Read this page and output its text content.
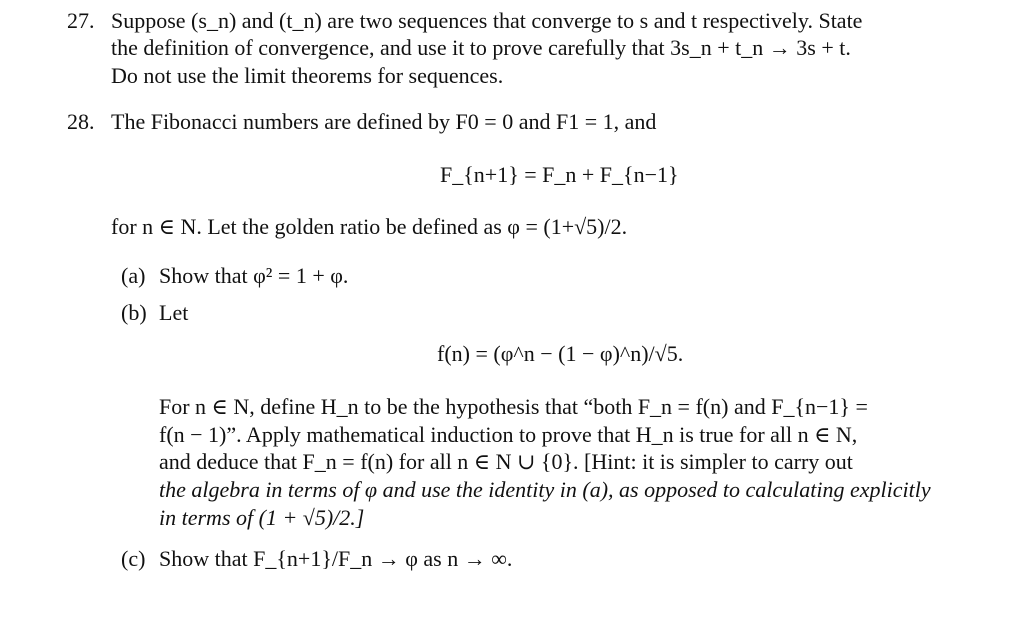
27. Suppose (s_n) and (t_n) are two sequences that converge to s and t respectively. State
the definition of convergence, and use it to prove carefully that 3s_n + t_n → 3s + t.
Do not use the limit theorems for sequences.
28. The Fibonacci numbers are defined by F0 = 0 and F1 = 1, and
F_{n+1} = F_n + F_{n−1}
for n ∈ N. Let the golden ratio be defined as φ = (1+√5)/2.
(a) Show that φ² = 1 + φ.
(b) Let
f(n) = (φ^n − (1 − φ)^n)/√5.
For n ∈ N, define H_n to be the hypothesis that “both F_n = f(n) and F_{n−1} =
f(n − 1)”. Apply mathematical induction to prove that H_n is true for all n ∈ N,
and deduce that F_n = f(n) for all n ∈ N ∪ {0}. [Hint: it is simpler to carry out
the algebra in terms of φ and use the identity in (a), as opposed to calculating explicitly
in terms of (1 + √5)/2.]
(c) Show that F_{n+1}/F_n → φ as n → ∞.
